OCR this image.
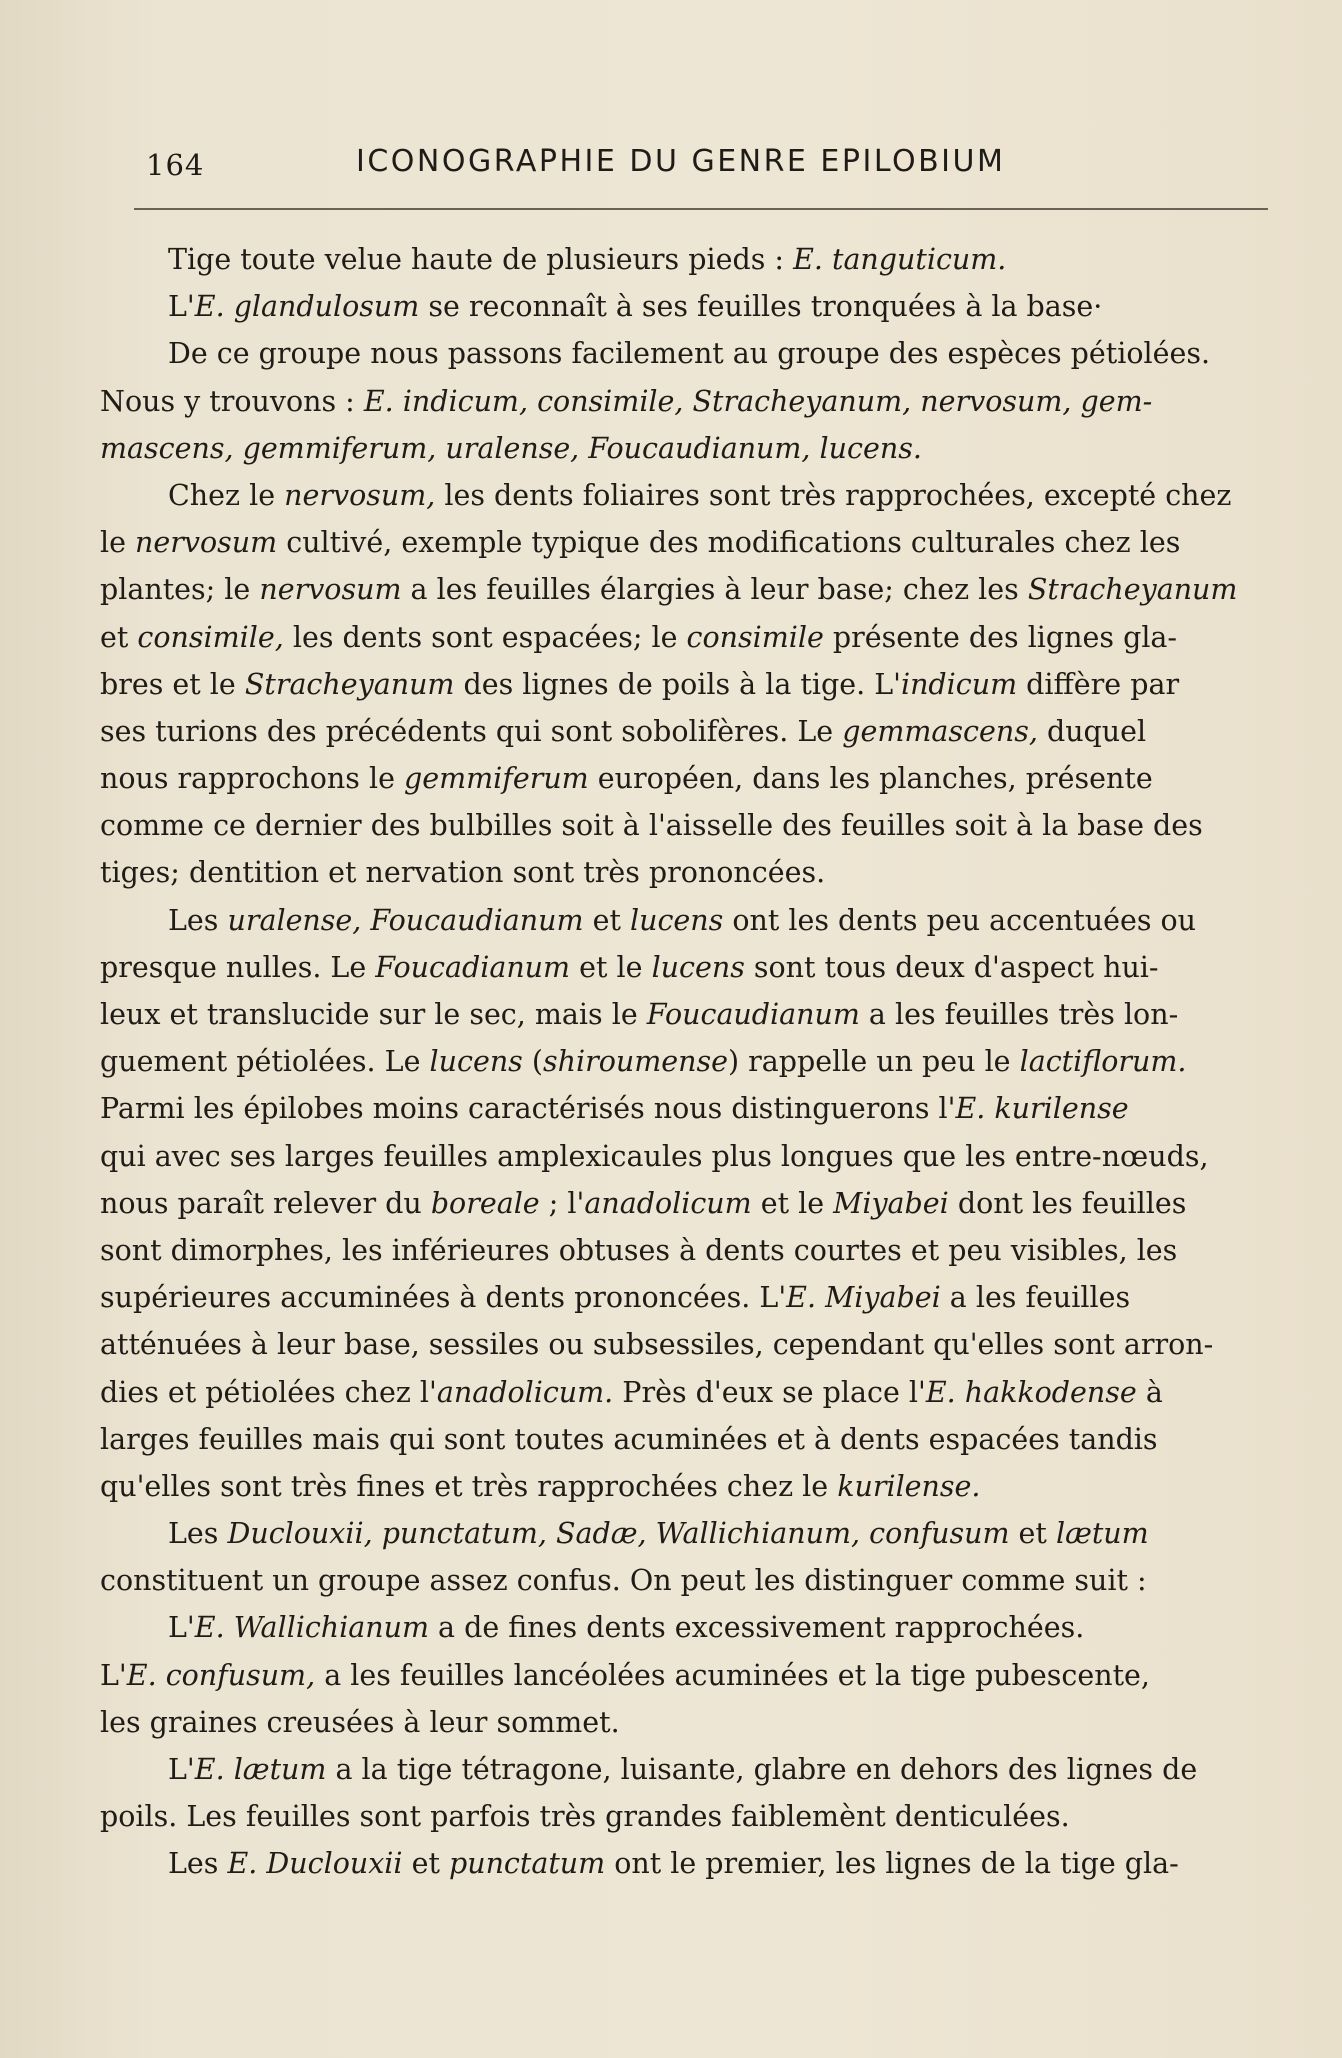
164	ICONOGRAPHIE DU GENRE EPILOBIUM
Tige toute velue haute de plusieurs pieds : E. tanguticum.
L'E. glandulosum se reconnaît à ses feuilles tronquées à la base·
De ce groupe nous passons facilement au groupe des espèces pétiolées.
Nous y trouvons : E. indicum, consimile, Stracheyanum, nervosum, gem-
mascens, gemmiferum, uralense, Foucaudianum, lucens.
Chez le nervosum, les dents foliaires sont très rapprochées, excepté chez
le nervosum cultivé, exemple typique des modifications culturales chez les
plantes; le nervosum a les feuilles élargies à leur base; chez les Stracheyanum
et consimile, les dents sont espacées; le consimile présente des lignes gla-
bres et le Stracheyanum des lignes de poils à la tige. L'indicum diffère par
ses turions des précédents qui sont sobolifères. Le gemmascens, duquel
nous rapprochons le gemmiferum européen, dans les planches, présente
comme ce dernier des bulbilles soit à l'aisselle des feuilles soit à la base des
tiges; dentition et nervation sont très prononcées.
Les uralense, Foucaudianum et lucens ont les dents peu accentuées ou
presque nulles. Le Foucadianum et le lucens sont tous deux d'aspect hui-
leux et translucide sur le sec, mais le Foucaudianum a les feuilles très lon-
guement pétiolées. Le lucens (shiroumense) rappelle un peu le lactiflorum.
Parmi les épilobes moins caractérisés nous distinguerons l'E. kurilense
qui avec ses larges feuilles amplexicaules plus longues que les entre-nœuds,
nous paraît relever du boreale ; l'anadolicum et le Miyabei dont les feuilles
sont dimorphes, les inférieures obtuses à dents courtes et peu visibles, les
supérieures accuminées à dents prononcées. L'E. Miyabei a les feuilles
atténuées à leur base, sessiles ou subsessiles, cependant qu'elles sont arron-
dies et pétiolées chez l'anadolicum. Près d'eux se place l'E. hakkodense à
larges feuilles mais qui sont toutes acuminées et à dents espacées tandis
qu'elles sont très fines et très rapprochées chez le kurilense.
Les Duclouxii, punctatum, Sadæ, Wallichianum, confusum et lætum
constituent un groupe assez confus. On peut les distinguer comme suit :
L'E. Wallichianum a de fines dents excessivement rapprochées.
L'E. confusum, a les feuilles lancéolées acuminées et la tige pubescente,
les graines creusées à leur sommet.
L'E. lætum a la tige tétragone, luisante, glabre en dehors des lignes de
poils. Les feuilles sont parfois très grandes faiblemènt denticulées.
Les E. Duclouxii et punctatum ont le premier, les lignes de la tige gla-
